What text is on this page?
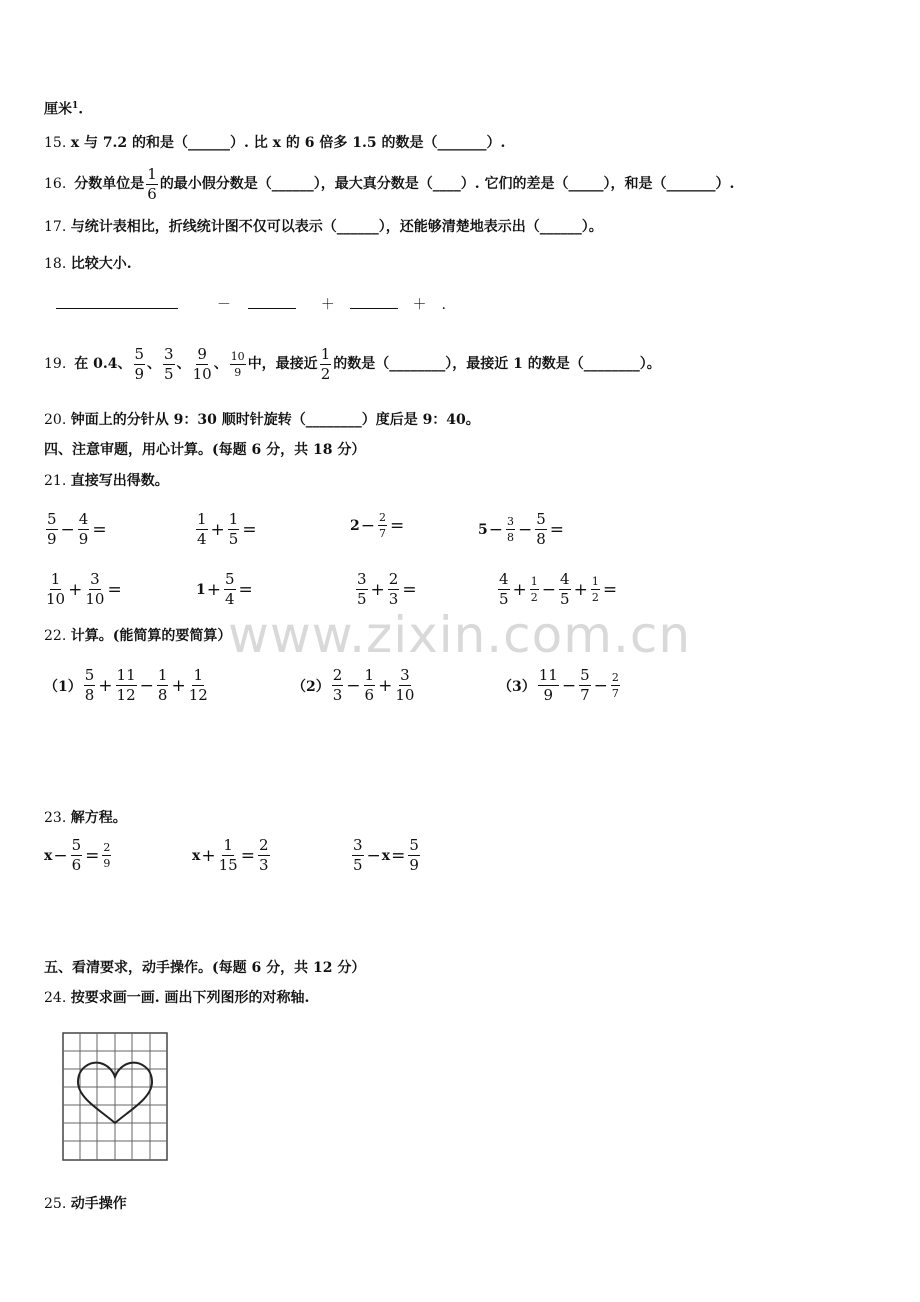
www.zixin.com.cn
厘米$^1$.
15. x 与 7.2 的和是（______）. 比 x 的 6 倍多 1.5 的数是（_______）.
16. 分数单位是 $\frac{1}{6}$ 的最小假分数是（______），最大真分数是（____）. 它们的差是（_____），和是（_______）.
17. 与统计表相比，折线统计图不仅可以表示（______），还能够清楚地表示出（______）。
18. 比较大小.
－	＋	＋ .
19. 在 0.4、 $\frac{5}{9}$ 、 $\frac{3}{5}$ 、 $\frac{9}{10}$ 、 $\frac{10}{9}$ 中，最接近 $\frac{1}{2}$ 的数是（________），最接近 1 的数是（________）。
20. 钟面上的分针从 9：30 顺时针旋转（________）度后是 9：40。
四、注意审题，用心计算。(每题 6 分，共 18 分）
21. 直接写出得数。
$\frac{5}{9} - \frac{4}{9}$ =	$\frac{1}{4} + \frac{1}{5}$ =	$2 - \frac{2}{7}$ =	$5 - \frac{3}{8} - \frac{5}{8}$ =
$\frac{1}{10} + \frac{3}{10}$ =	$1 + \frac{5}{4}$ =	$\frac{3}{5} + \frac{2}{3}$ =	$\frac{4}{5} + \frac{1}{2} - \frac{4}{5} + \frac{1}{2}$ =
22. 计算。(能简算的要简算）
$(1) \frac{5}{8} + \frac{11}{12} - \frac{1}{8} + \frac{1}{12}$	$(2) \frac{2}{3} - \frac{1}{6} + \frac{3}{10}$	$(3) \frac{11}{9} - \frac{5}{7} - \frac{2}{7}$
23. 解方程。
$x - \frac{5}{6} = \frac{2}{9}$	$x + \frac{1}{15} = \frac{2}{3}$	$\frac{3}{5} - x = \frac{5}{9}$
五、看清要求，动手操作。(每题 6 分，共 12 分）
24. 按要求画一画. 画出下列图形的对称轴.
25. 动手操作
